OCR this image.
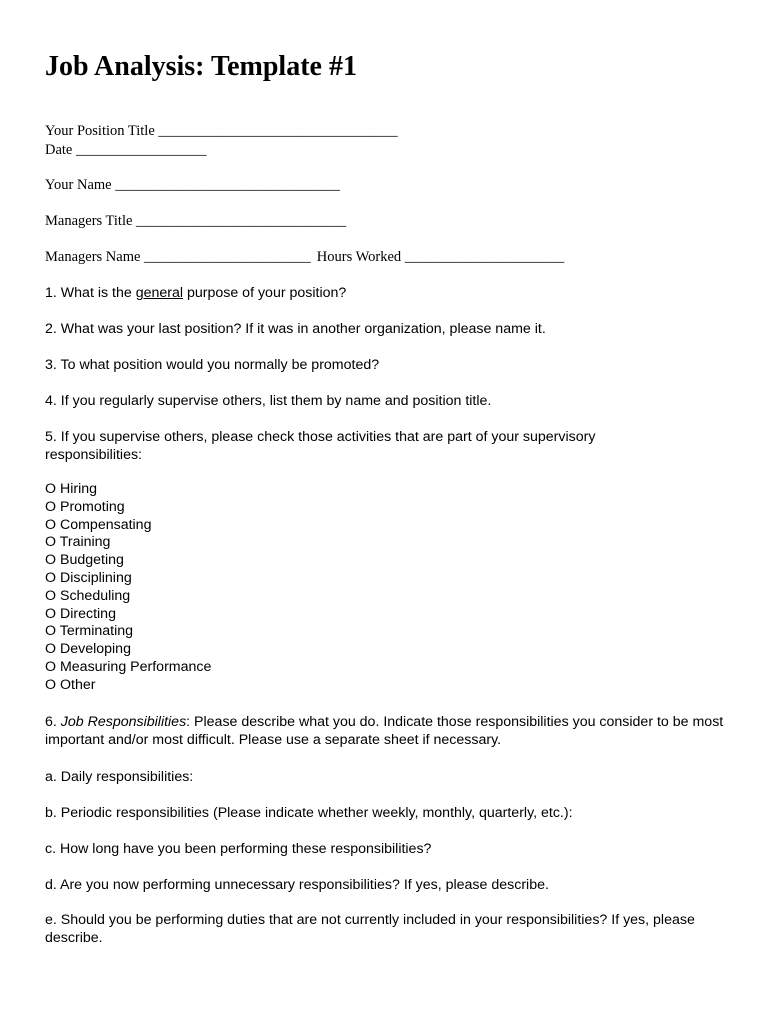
Job Analysis: Template #1
Your Position Title _________________________________
Date __________________
Your Name _______________________________
Managers Title _____________________________
Managers Name _______________________ Hours Worked ______________________
1. What is the general purpose of your position?
2. What was your last position? If it was in another organization, please name it.
3. To what position would you normally be promoted?
4. If you regularly supervise others, list them by name and position title.
5. If you supervise others, please check those activities that are part of your supervisory responsibilities:
O Hiring
O Promoting
O Compensating
O Training
O Budgeting
O Disciplining
O Scheduling
O Directing
O Terminating
O Developing
O Measuring Performance
O Other
6. Job Responsibilities: Please describe what you do. Indicate those responsibilities you consider to be most important and/or most difficult. Please use a separate sheet if necessary.
a. Daily responsibilities:
b. Periodic responsibilities (Please indicate whether weekly, monthly, quarterly, etc.):
c. How long have you been performing these responsibilities?
d. Are you now performing unnecessary responsibilities? If yes, please describe.
e. Should you be performing duties that are not currently included in your responsibilities? If yes, please describe.
